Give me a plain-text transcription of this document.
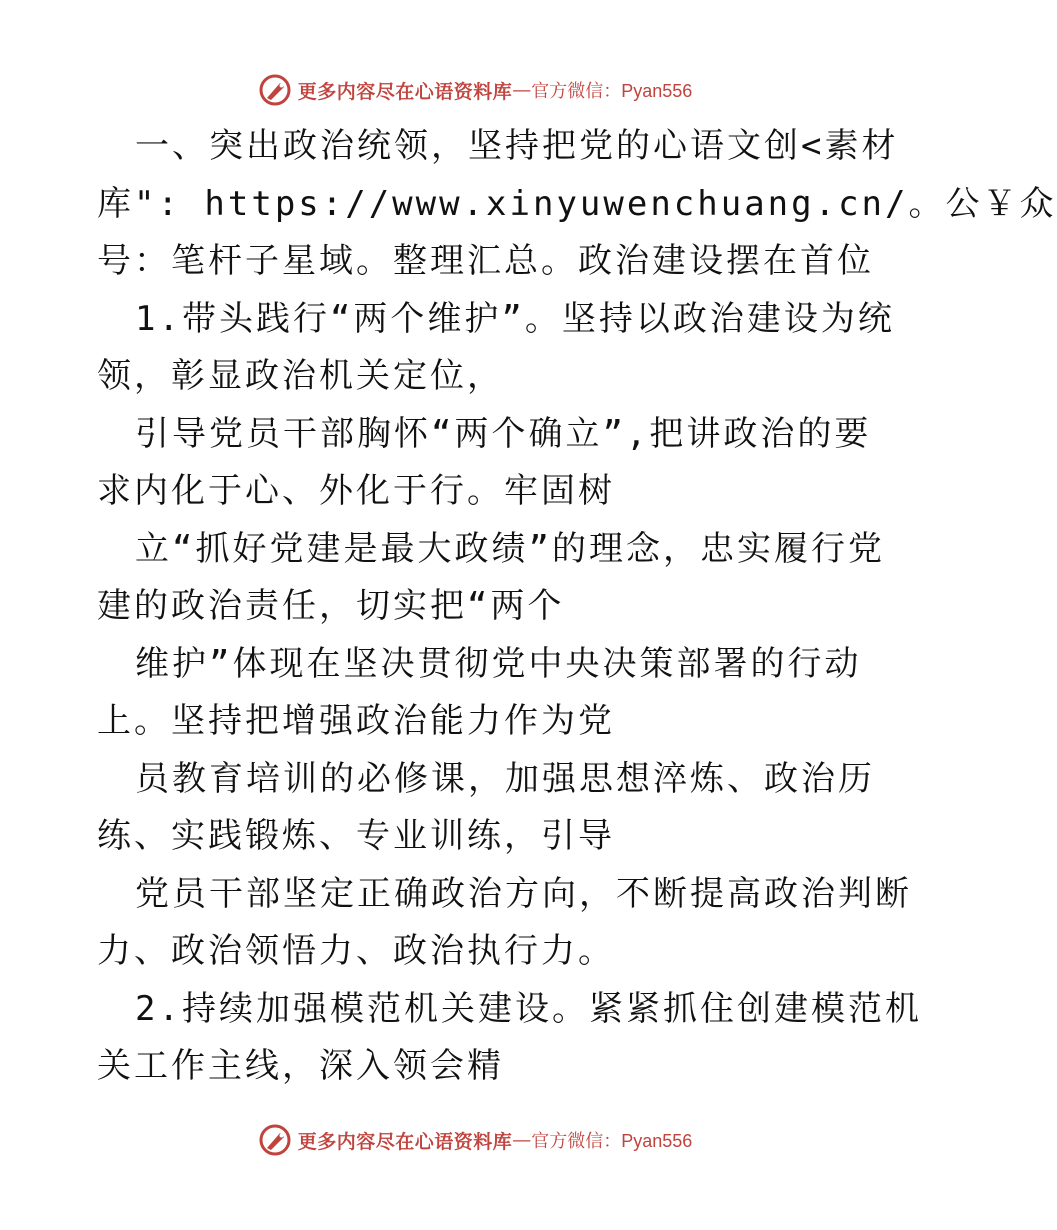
更多内容尽在心语资料库 — 官方微信：Pyan556
一、突出政治统领，坚持把党的心语文创<素材
库": https://www.xinyuwenchuang.cn/。公￥众
号：笔杆子星域。整理汇总。政治建设摆在首位
1.带头践行“两个维护”。坚持以政治建设为统
领，彰显政治机关定位，
引导党员干部胸怀“两个确立”,把讲政治的要
求内化于心、外化于行。牢固树
立“抓好党建是最大政绩”的理念，忠实履行党
建的政治责任，切实把“两个
维护”体现在坚决贯彻党中央决策部署的行动
上。坚持把增强政治能力作为党
员教育培训的必修课，加强思想淬炼、政治历
练、实践锻炼、专业训练，引导
党员干部坚定正确政治方向，不断提高政治判断
力、政治领悟力、政治执行力。
2.持续加强模范机关建设。紧紧抓住创建模范机
关工作主线，深入领会精
更多内容尽在心语资料库 — 官方微信：Pyan556
